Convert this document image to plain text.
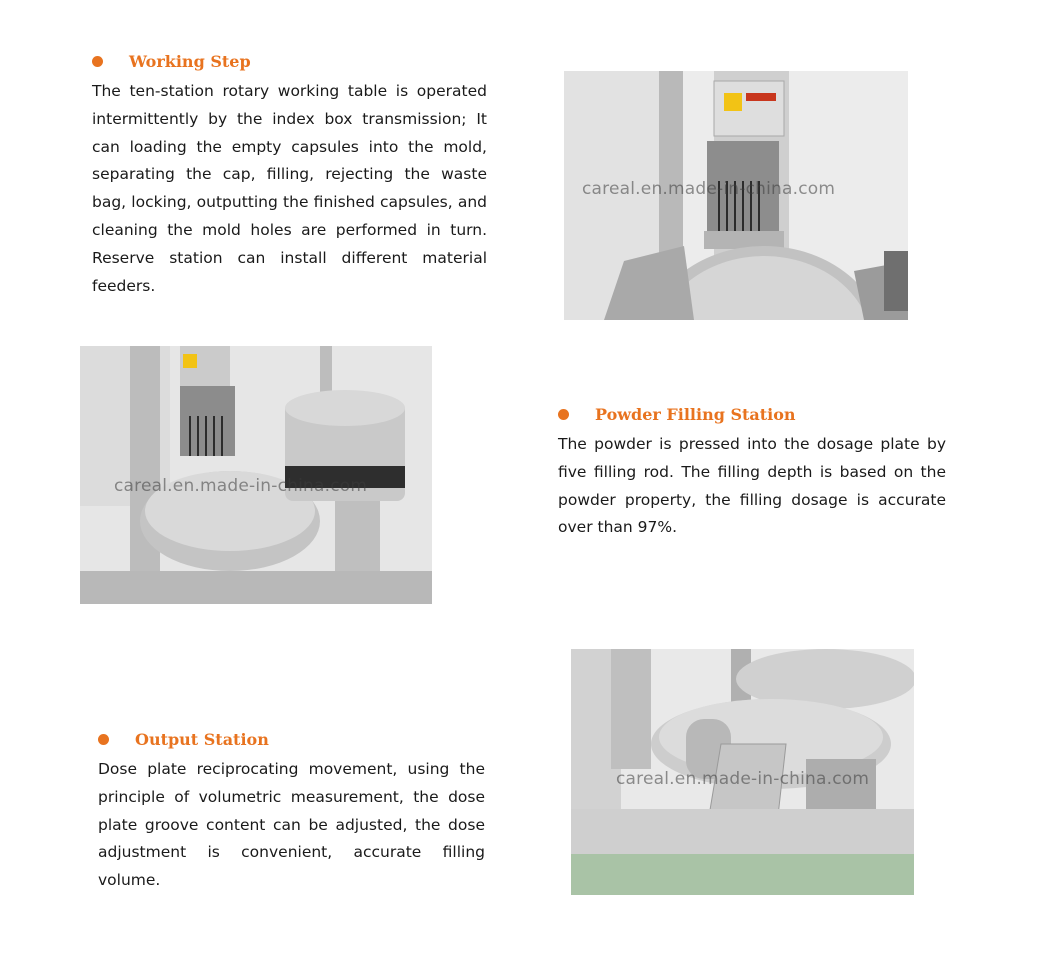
Working Step

The ten-station rotary working table is operated intermittently by the index box transmission; It can loading the empty capsules into the mold, separating the cap, filling, rejecting the waste bag, locking, outputting the finished capsules, and cleaning the mold holes are performed in turn. Reserve station can install different material feeders.

careal.en.made-in-china.com
careal.en.made-in-china.com
Powder Filling Station

The powder is pressed into the dosage plate by five filling rod. The filling depth is based on the powder property, the filling dosage is accurate over than 97%.

Output Station

Dose plate reciprocating movement, using the principle of volumetric measurement, the dose plate groove content can be adjusted, the dose adjustment is convenient, accurate filling volume.

careal.en.made-in-china.com
